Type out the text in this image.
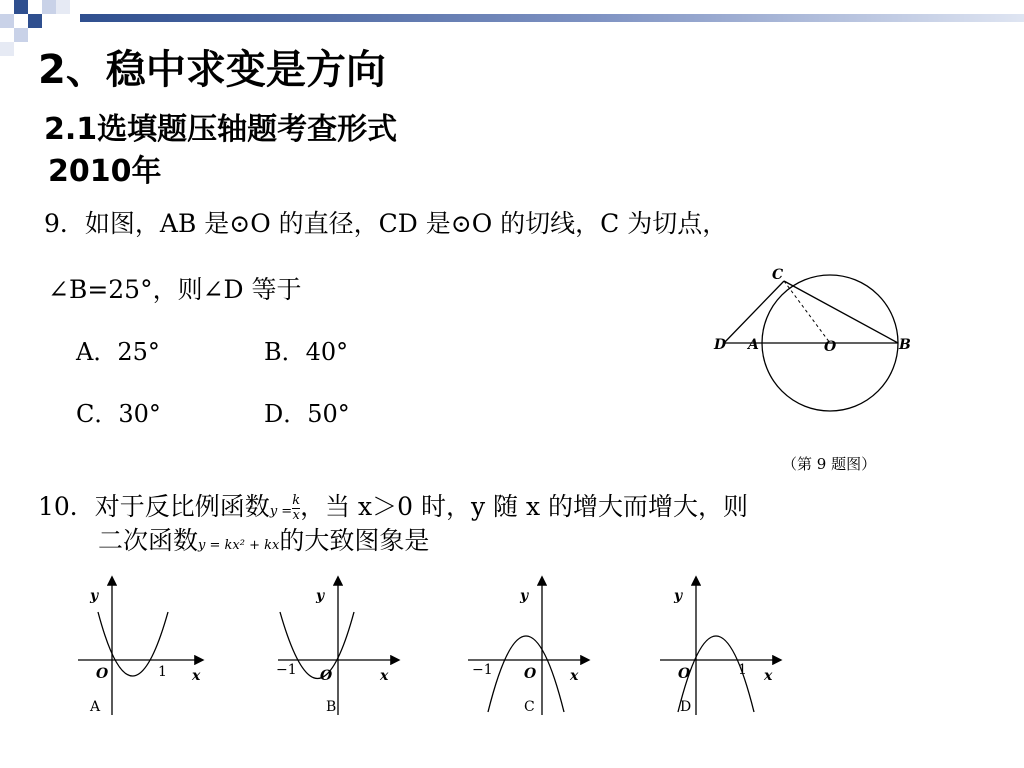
2、稳中求变是方向
2.1选填题压轴题考查形式
2010年
9．如图，AB 是⊙O 的直径，CD 是⊙O 的切线，C 为切点，
∠B=25°，则∠D 等于
A．25°	B．40°
C．30°	D．50°
C
D A	O	B
（第 9 题图）
10．对于反比例函数$y = \frac{k}{x}$ ，当 x＞0 时，y 随 x 的增大而增大，则
二次函数y = kx² + kx的大致图象是
y
x
O	1
A
y
x
O
−1
B
y
x
O
−1
C
y
x
O	1
D
